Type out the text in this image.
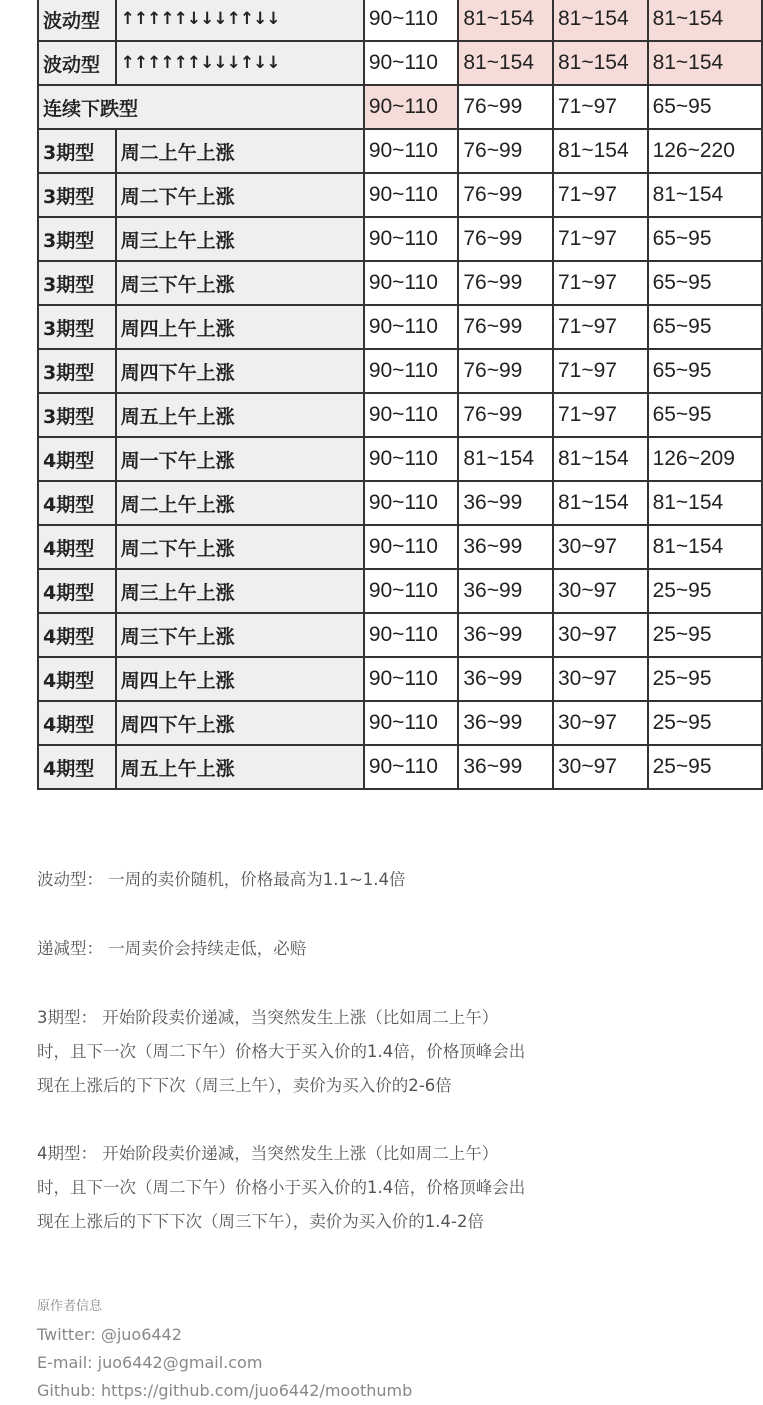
波动型	↑↑↑↑↑↓↓↓↑↑↓↓	90~110	81~154	81~154	81~154
波动型	↑↑↑↑↑↑↓↓↓↑↓↓	90~110	81~154	81~154	81~154
连续下跌型		90~110	76~99	71~97	65~95
3期型	周二上午上涨	90~110	76~99	81~154	126~220
3期型	周二下午上涨	90~110	76~99	71~97	81~154
3期型	周三上午上涨	90~110	76~99	71~97	65~95
3期型	周三下午上涨	90~110	76~99	71~97	65~95
3期型	周四上午上涨	90~110	76~99	71~97	65~95
3期型	周四下午上涨	90~110	76~99	71~97	65~95
3期型	周五上午上涨	90~110	76~99	71~97	65~95
4期型	周一下午上涨	90~110	81~154	81~154	126~209
4期型	周二上午上涨	90~110	36~99	81~154	81~154
4期型	周二下午上涨	90~110	36~99	30~97	81~154
4期型	周三上午上涨	90~110	36~99	30~97	25~95
4期型	周三下午上涨	90~110	36~99	30~97	25~95
4期型	周四上午上涨	90~110	36~99	30~97	25~95
4期型	周四下午上涨	90~110	36~99	30~97	25~95
4期型	周五上午上涨	90~110	36~99	30~97	25~95
波动型： 一周的卖价随机，价格最高为1.1~1.4倍
递减型： 一周卖价会持续走低，必赔
3期型： 开始阶段卖价递减，当突然发生上涨（比如周二上午）
时，且下一次（周二下午）价格大于买入价的1.4倍，价格顶峰会出
现在上涨后的下下次（周三上午），卖价为买入价的2-6倍
4期型： 开始阶段卖价递减，当突然发生上涨（比如周二上午）
时，且下一次（周二下午）价格小于买入价的1.4倍，价格顶峰会出
现在上涨后的下下下次（周三下午），卖价为买入价的1.4-2倍
原作者信息
Twitter: @juo6442
E-mail: juo6442@gmail.com
Github: https://github.com/juo6442/moothumb
